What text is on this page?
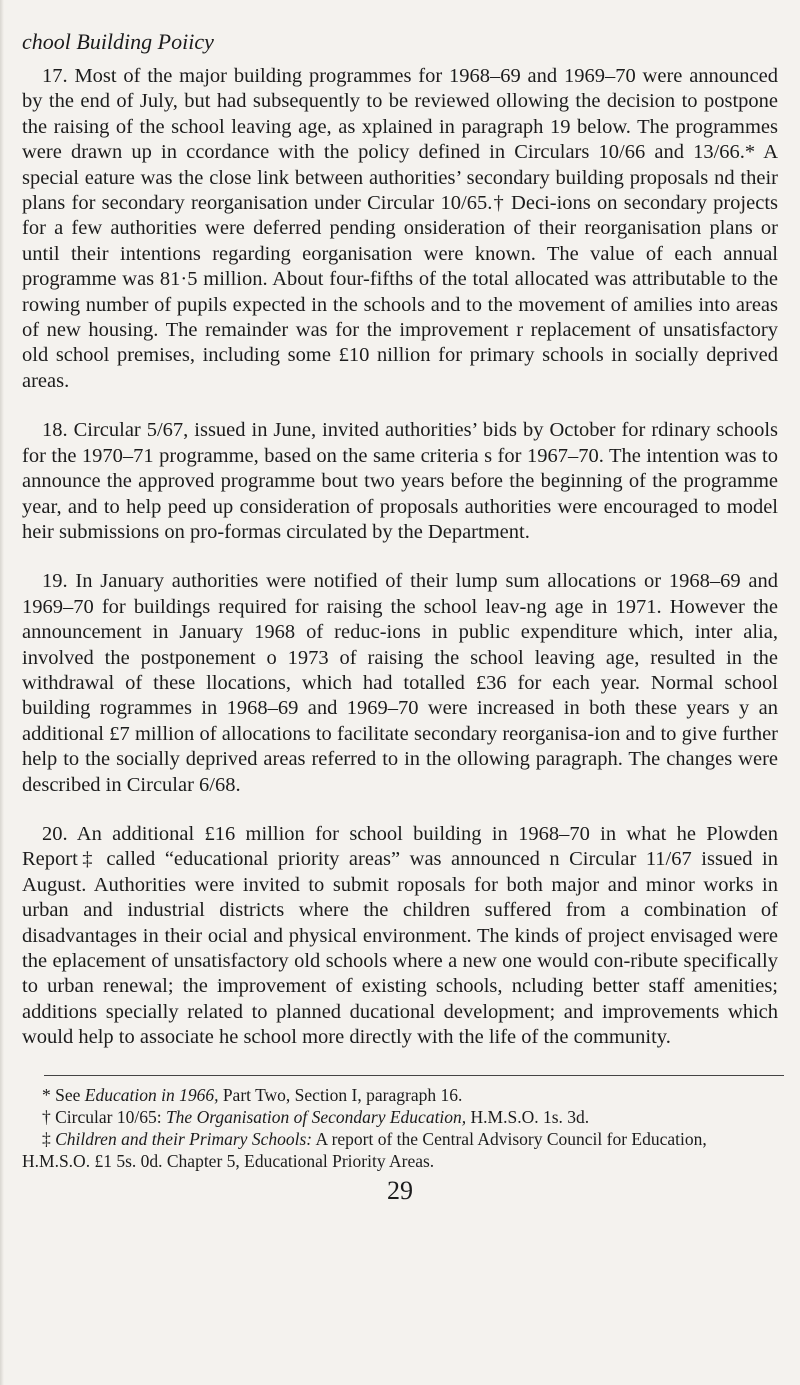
chool Building Poiicy

17. Most of the major building programmes for 1968–69 and 1969–70 were announced by the end of July, but had subsequently to be reviewed ollowing the decision to postpone the raising of the school leaving age, as xplained in paragraph 19 below. The programmes were drawn up in ccordance with the policy defined in Circulars 10/66 and 13/66.* A special eature was the close link between authorities’ secondary building proposals nd their plans for secondary reorganisation under Circular 10/65.† Deci-ions on secondary projects for a few authorities were deferred pending onsideration of their reorganisation plans or until their intentions regarding eorganisation were known. The value of each annual programme was 81·5 million. About four-fifths of the total allocated was attributable to the rowing number of pupils expected in the schools and to the movement of amilies into areas of new housing. The remainder was for the improvement r replacement of unsatisfactory old school premises, including some £10 nillion for primary schools in socially deprived areas.

18. Circular 5/67, issued in June, invited authorities’ bids by October for rdinary schools for the 1970–71 programme, based on the same criteria s for 1967–70. The intention was to announce the approved programme bout two years before the beginning of the programme year, and to help peed up consideration of proposals authorities were encouraged to model heir submissions on pro-formas circulated by the Department.

19. In January authorities were notified of their lump sum allocations or 1968–69 and 1969–70 for buildings required for raising the school leav-ng age in 1971. However the announcement in January 1968 of reduc-ions in public expenditure which, inter alia, involved the postponement o 1973 of raising the school leaving age, resulted in the withdrawal of these llocations, which had totalled £36 for each year. Normal school building rogrammes in 1968–69 and 1969–70 were increased in both these years y an additional £7 million of allocations to facilitate secondary reorganisa-ion and to give further help to the socially deprived areas referred to in the ollowing paragraph. The changes were described in Circular 6/68.

20. An additional £16 million for school building in 1968–70 in what he Plowden Report‡ called “educational priority areas” was announced n Circular 11/67 issued in August. Authorities were invited to submit roposals for both major and minor works in urban and industrial districts where the children suffered from a combination of disadvantages in their ocial and physical environment. The kinds of project envisaged were the eplacement of unsatisfactory old schools where a new one would con-ribute specifically to urban renewal; the improvement of existing schools, ncluding better staff amenities; additions specially related to planned ducational development; and improvements which would help to associate he school more directly with the life of the community.

* See Education in 1966, Part Two, Section I, paragraph 16.

† Circular 10/65: The Organisation of Secondary Education, H.M.S.O. 1s. 3d.

‡ Children and their Primary Schools: A report of the Central Advisory Council for Education, H.M.S.O. £1 5s. 0d. Chapter 5, Educational Priority Areas.

29
